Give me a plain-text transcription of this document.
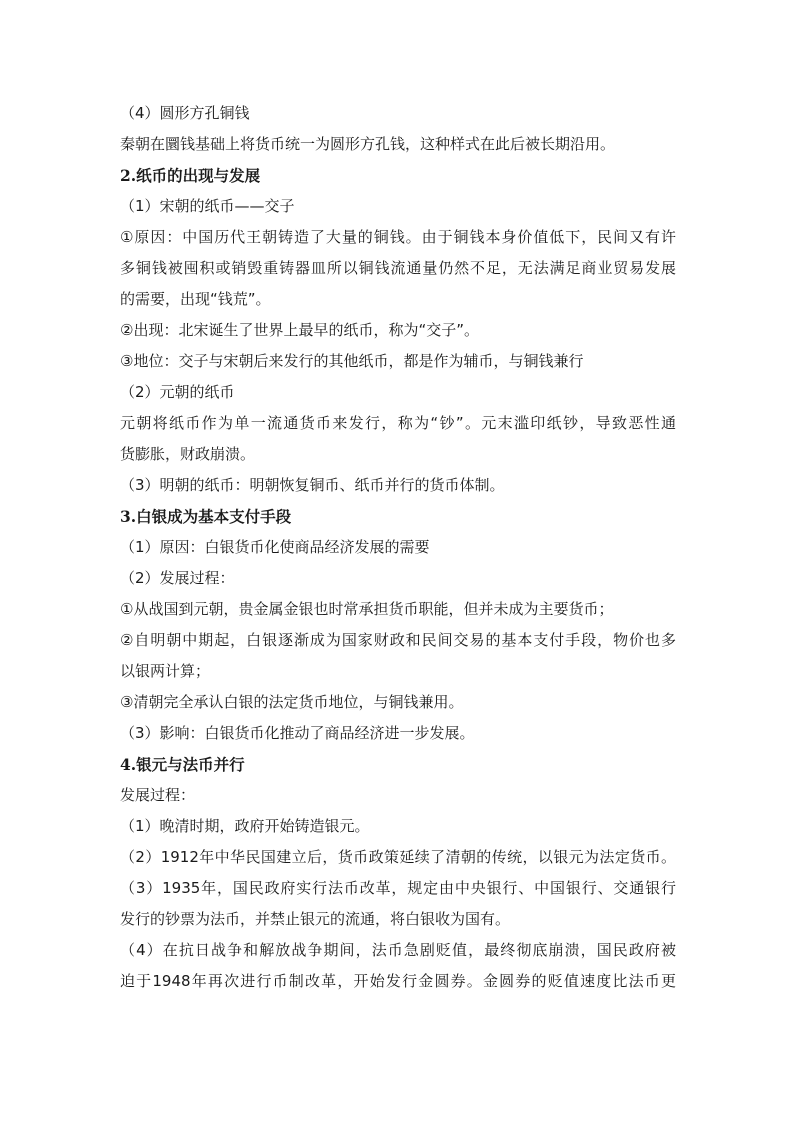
（4）圆形方孔铜钱
秦朝在圜钱基础上将货币统一为圆形方孔钱，这种样式在此后被长期沿用。
2.纸币的出现与发展
（1）宋朝的纸币——交子
①原因：中国历代王朝铸造了大量的铜钱。由于铜钱本身价值低下，民间又有许
多铜钱被囤积或销毁重铸器皿所以铜钱流通量仍然不足，无法满足商业贸易发展
的需要，出现“钱荒”。
②出现：北宋诞生了世界上最早的纸币，称为“交子”。
③地位：交子与宋朝后来发行的其他纸币，都是作为辅币，与铜钱兼行
（2）元朝的纸币
元朝将纸币作为单一流通货币来发行，称为“钞”。元末滥印纸钞，导致恶性通
货膨胀，财政崩溃。
（3）明朝的纸币：明朝恢复铜币、纸币并行的货币体制。
3.白银成为基本支付手段
（1）原因：白银货币化使商品经济发展的需要
（2）发展过程：
①从战国到元朝，贵金属金银也时常承担货币职能，但并未成为主要货币；
②自明朝中期起，白银逐渐成为国家财政和民间交易的基本支付手段，物价也多
以银两计算；
③清朝完全承认白银的法定货币地位，与铜钱兼用。
（3）影响：白银货币化推动了商品经济进一步发展。
4.银元与法币并行
发展过程：
（1）晚清时期，政府开始铸造银元。
（2）1912年中华民国建立后，货币政策延续了清朝的传统，以银元为法定货币。
（3）1935年，国民政府实行法币改革，规定由中央银行、中国银行、交通银行
发行的钞票为法币，并禁止银元的流通，将白银收为国有。
（4）在抗日战争和解放战争期间，法币急剧贬值，最终彻底崩溃，国民政府被
迫于1948年再次进行币制改革，开始发行金圆券。金圆券的贬值速度比法币更
